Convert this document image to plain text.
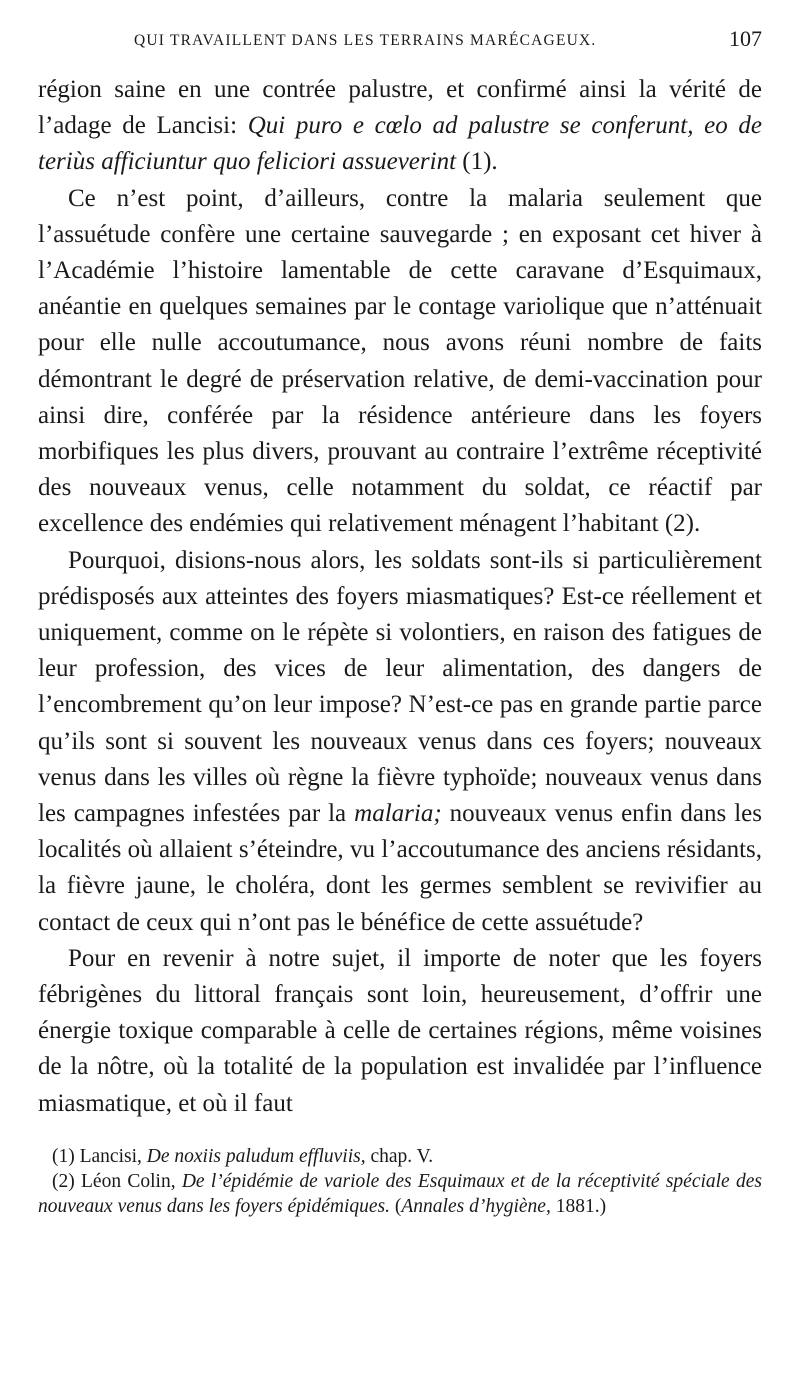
QUI TRAVAILLENT DANS LES TERRAINS MARÉCAGEUX.	107

région saine en une contrée palustre, et confirmé ainsi la vérité de l’adage de Lancisi: Qui puro e cœlo ad palustre se conferunt, eo de teriùs afficiuntur quo feliciori assueverint (1).

Ce n’est point, d’ailleurs, contre la malaria seulement que l’assuétude confère une certaine sauvegarde ; en exposant cet hiver à l’Académie l’histoire lamentable de cette caravane d’Esquimaux, anéantie en quelques semaines par le contage variolique que n’atténuait pour elle nulle accoutumance, nous avons réuni nombre de faits démontrant le degré de préservation relative, de demi-vaccination pour ainsi dire, conférée par la résidence antérieure dans les foyers morbifiques les plus divers, prouvant au contraire l’extrême réceptivité des nouveaux venus, celle notamment du soldat, ce réactif par excellence des endémies qui relativement ménagent l’habitant (2).

Pourquoi, disions-nous alors, les soldats sont-ils si particulièrement prédisposés aux atteintes des foyers miasmatiques? Est-ce réellement et uniquement, comme on le répète si volontiers, en raison des fatigues de leur profession, des vices de leur alimentation, des dangers de l’encombrement qu’on leur impose? N’est-ce pas en grande partie parce qu’ils sont si souvent les nouveaux venus dans ces foyers; nouveaux venus dans les villes où règne la fièvre typhoïde; nouveaux venus dans les campagnes infestées par la malaria; nouveaux venus enfin dans les localités où allaient s’éteindre, vu l’accoutumance des anciens résidants, la fièvre jaune, le choléra, dont les germes semblent se revivifier au contact de ceux qui n’ont pas le bénéfice de cette assuétude?

Pour en revenir à notre sujet, il importe de noter que les foyers fébrigènes du littoral français sont loin, heureusement, d’offrir une énergie toxique comparable à celle de certaines régions, même voisines de la nôtre, où la totalité de la population est invalidée par l’influence miasmatique, et où il faut

(1) Lancisi, De noxiis paludum effluviis, chap. V.

(2) Léon Colin, De l’épidémie de variole des Esquimaux et de la réceptivité spéciale des nouveaux venus dans les foyers épidémiques. (Annales d’hygiène, 1881.)
